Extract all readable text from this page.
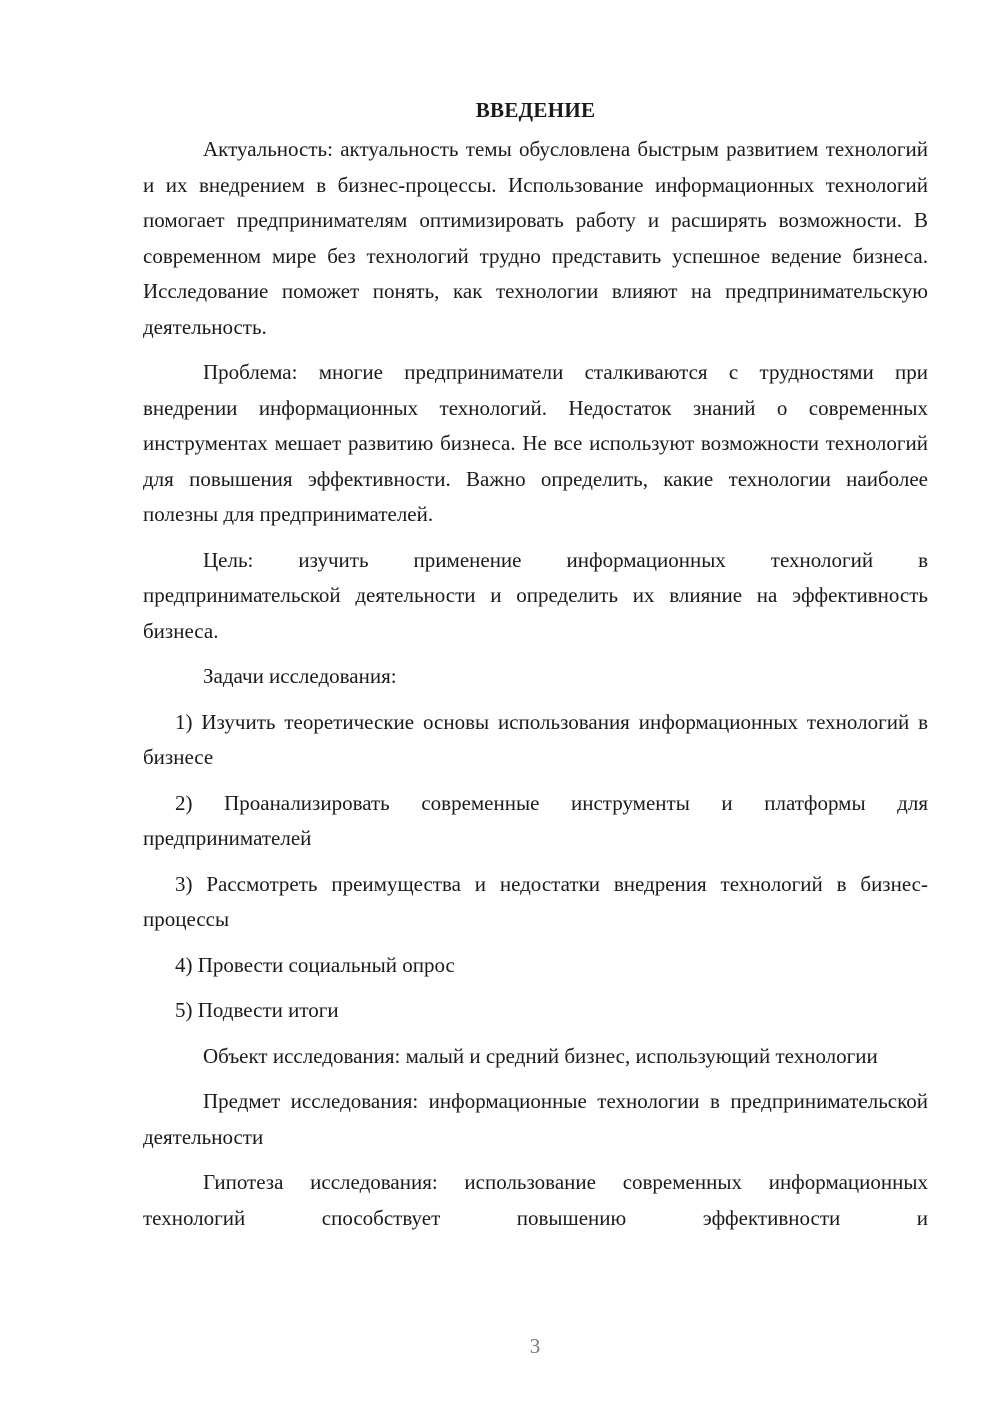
ВВЕДЕНИЕ

Актуальность: актуальность темы обусловлена быстрым развитием технологий и их внедрением в бизнес-процессы. Использование информационных технологий помогает предпринимателям оптимизировать работу и расширять возможности. В современном мире без технологий трудно представить успешное ведение бизнеса. Исследование поможет понять, как технологии влияют на предпринимательскую деятельность.

Проблема: многие предприниматели сталкиваются с трудностями при внедрении информационных технологий. Недостаток знаний о современных инструментах мешает развитию бизнеса. Не все используют возможности технологий для повышения эффективности. Важно определить, какие технологии наиболее полезны для предпринимателей.

Цель: изучить применение информационных технологий в предпринимательской деятельности и определить их влияние на эффективность бизнеса.

Задачи исследования:

1) Изучить теоретические основы использования информационных технологий в бизнесе

2) Проанализировать современные инструменты и платформы для предпринимателей

3) Рассмотреть преимущества и недостатки внедрения технологий в бизнес-процессы

4) Провести социальный опрос

5) Подвести итоги

Объект исследования: малый и средний бизнес, использующий технологии

Предмет исследования: информационные технологии в предпринимательской деятельности

Гипотеза исследования: использование современных информационных технологий способствует повышению эффективности и

3
